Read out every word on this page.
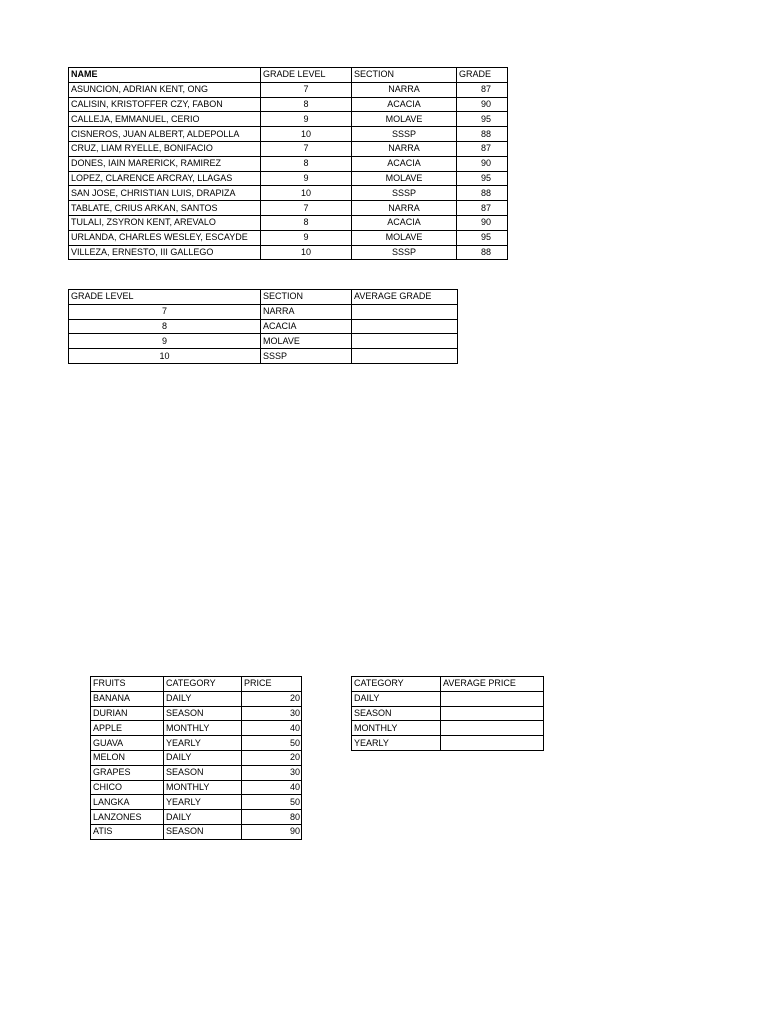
NAME	GRADE LEVEL	SECTION	GRADE
ASUNCION, ADRIAN KENT, ONG	7	NARRA	87
CALISIN, KRISTOFFER CZY, FABON	8	ACACIA	90
CALLEJA, EMMANUEL, CERIO	9	MOLAVE	95
CISNEROS, JUAN ALBERT, ALDEPOLLA	10	SSSP	88
CRUZ, LIAM RYELLE, BONIFACIO	7	NARRA	87
DONES, IAIN MARERICK, RAMIREZ	8	ACACIA	90
LOPEZ, CLARENCE ARCRAY, LLAGAS	9	MOLAVE	95
SAN JOSE, CHRISTIAN LUIS, DRAPIZA	10	SSSP	88
TABLATE, CRIUS ARKAN, SANTOS	7	NARRA	87
TULALI, ZSYRON KENT, AREVALO	8	ACACIA	90
URLANDA, CHARLES WESLEY, ESCAYDE	9	MOLAVE	95
VILLEZA, ERNESTO, III GALLEGO	10	SSSP	88
GRADE LEVEL	SECTION	AVERAGE GRADE
7	NARRA	
8	ACACIA	
9	MOLAVE	
10	SSSP	
FRUITS	CATEGORY	PRICE
BANANA	DAILY	20
DURIAN	SEASON	30
APPLE	MONTHLY	40
GUAVA	YEARLY	50
MELON	DAILY	20
GRAPES	SEASON	30
CHICO	MONTHLY	40
LANGKA	YEARLY	50
LANZONES	DAILY	80
ATIS	SEASON	90
CATEGORY	AVERAGE PRICE
DAILY	
SEASON	
MONTHLY	
YEARLY	
